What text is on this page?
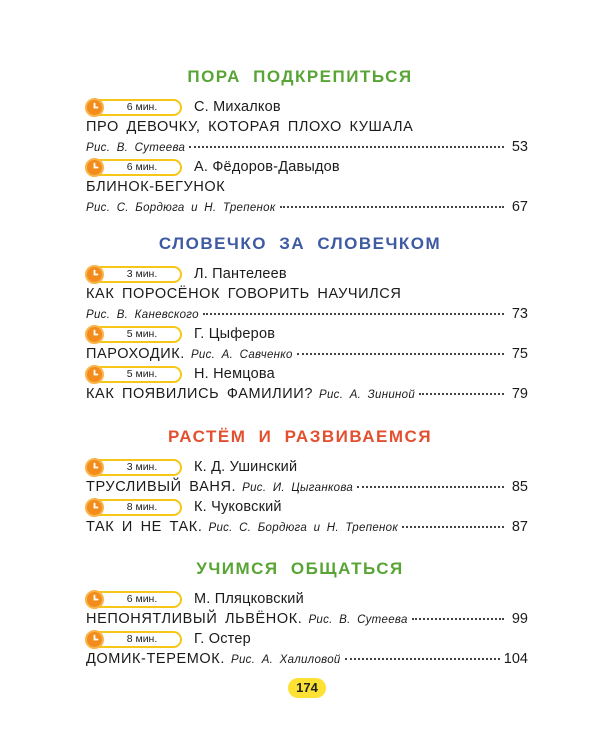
ПОРА ПОДКРЕПИТЬСЯ
6 мин.	С. Михалков
ПРО ДЕВОЧКУ, КОТОРАЯ ПЛОХО КУШАЛА
Рис. В. Сутеева	53
6 мин.	А. Фёдоров-Давыдов
БЛИНОК-БЕГУНОК
Рис. С. Бордюга и Н. Трепенок	67
СЛОВЕЧКО ЗА СЛОВЕЧКОМ
3 мин.	Л. Пантелеев
КАК ПОРОСЁНОК ГОВОРИТЬ НАУЧИЛСЯ
Рис. В. Каневского	73
5 мин.	Г. Цыферов
ПАРОХОДИК. Рис. А. Савченко	75
5 мин.	Н. Немцова
КАК ПОЯВИЛИСЬ ФАМИЛИИ? Рис. А. Зининой	79
РАСТЁМ И РАЗВИВАЕМСЯ
3 мин.	К. Д. Ушинский
ТРУСЛИВЫЙ ВАНЯ. Рис. И. Цыганкова	85
8 мин.	К. Чуковский
ТАК И НЕ ТАК. Рис. С. Бордюга и Н. Трепенок	87
УЧИМСЯ ОБЩАТЬСЯ
6 мин.	М. Пляцковский
НЕПОНЯТЛИВЫЙ ЛЬВЁНОК. Рис. В. Сутеева	99
8 мин.	Г. Остер
ДОМИК-ТЕРЕМОК. Рис. А. Халиловой	104
174
